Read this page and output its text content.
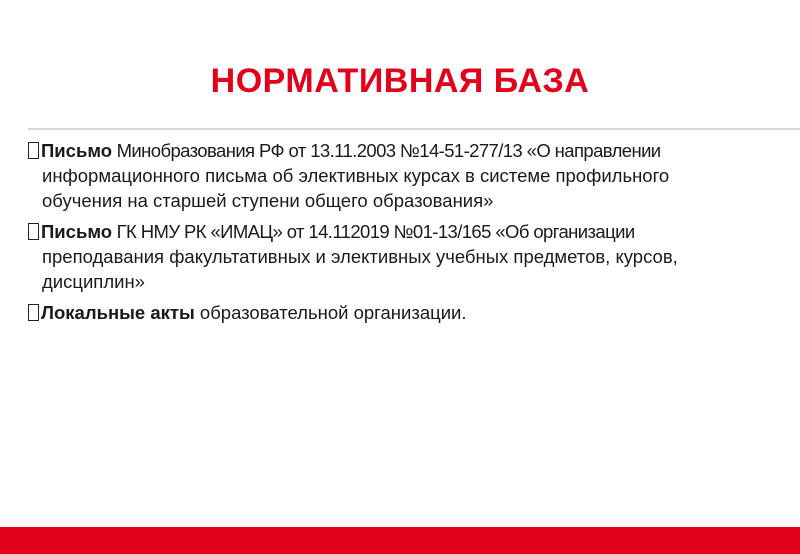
НОРМАТИВНАЯ БАЗА
Письмо Минобразования РФ от 13.11.2003 №14-51-277/13 «О направлении
информационного письма об элективных курсах в системе профильного
обучения на старшей ступени общего образования»
Письмо ГК НМУ РК «ИМАЦ» от 14.112019 №01-13/165 «Об организации
преподавания факультативных и элективных учебных предметов, курсов,
дисциплин»
Локальные акты образовательной организации.
